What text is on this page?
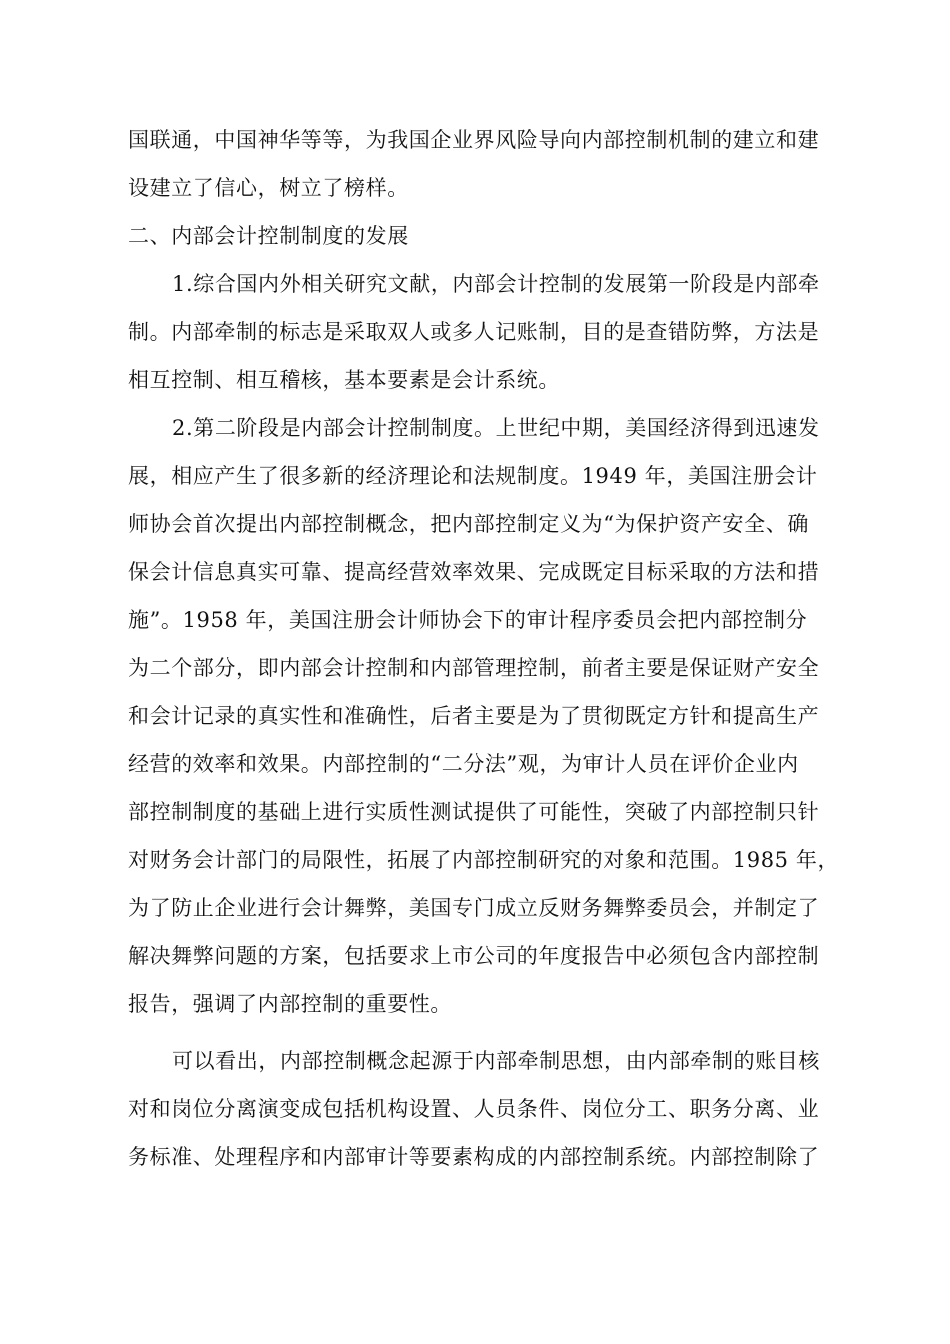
国联通，中国神华等等，为我国企业界风险导向内部控制机制的建立和建
设建立了信心，树立了榜样。
二、内部会计控制制度的发展
1.综合国内外相关研究文献，内部会计控制的发展第一阶段是内部牵
制。内部牵制的标志是采取双人或多人记账制，目的是查错防弊，方法是
相互控制、相互稽核，基本要素是会计系统。
2.第二阶段是内部会计控制制度。上世纪中期，美国经济得到迅速发
展，相应产生了很多新的经济理论和法规制度。1949 年，美国注册会计
师协会首次提出内部控制概念，把内部控制定义为“为保护资产安全、确
保会计信息真实可靠、提高经营效率效果、完成既定目标采取的方法和措
施”。1958 年，美国注册会计师协会下的审计程序委员会把内部控制分
为二个部分，即内部会计控制和内部管理控制，前者主要是保证财产安全
和会计记录的真实性和准确性，后者主要是为了贯彻既定方针和提高生产
经营的效率和效果。内部控制的“二分法”观，为审计人员在评价企业内
部控制制度的基础上进行实质性测试提供了可能性，突破了内部控制只针
对财务会计部门的局限性，拓展了内部控制研究的对象和范围。1985 年，
为了防止企业进行会计舞弊，美国专门成立反财务舞弊委员会，并制定了
解决舞弊问题的方案，包括要求上市公司的年度报告中必须包含内部控制
报告，强调了内部控制的重要性。
可以看出，内部控制概念起源于内部牵制思想，由内部牵制的账目核
对和岗位分离演变成包括机构设置、人员条件、岗位分工、职务分离、业
务标准、处理程序和内部审计等要素构成的内部控制系统。内部控制除了
